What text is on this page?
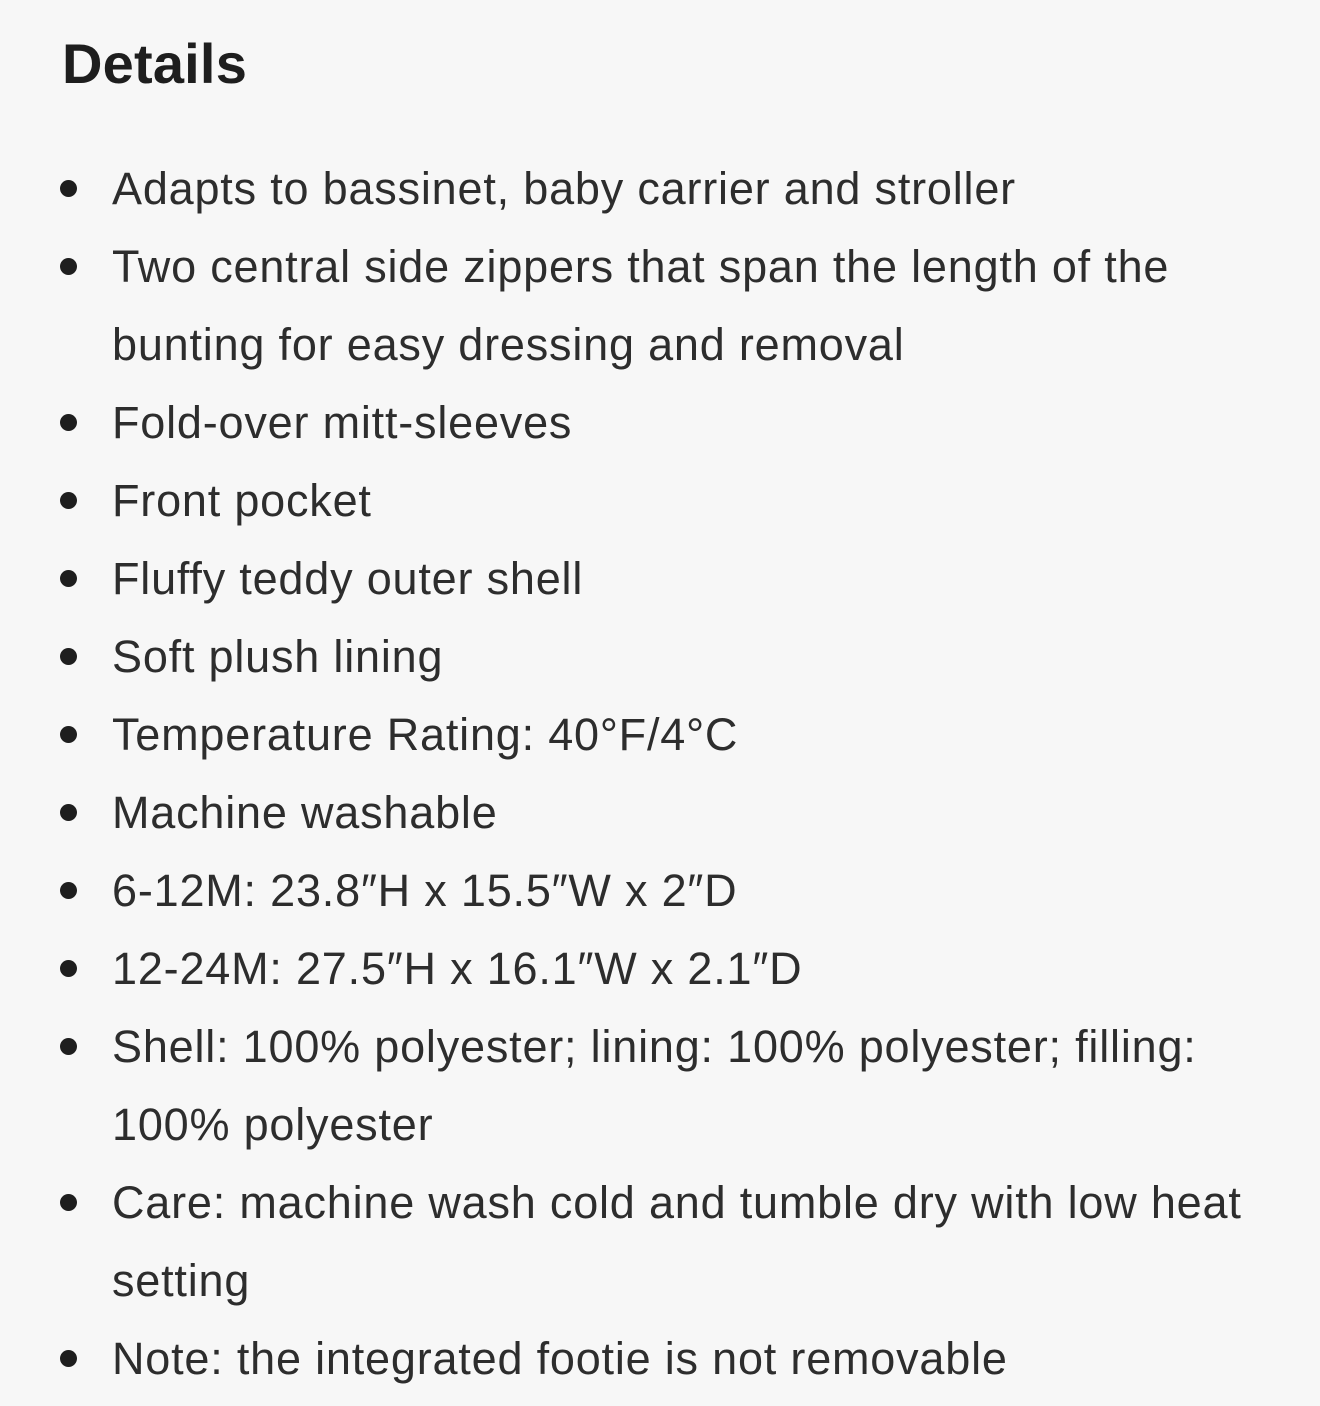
Details
Adapts to bassinet, baby carrier and stroller
Two central side zippers that span the length of the bunting for easy dressing and removal
Fold-over mitt-sleeves
Front pocket
Fluffy teddy outer shell
Soft plush lining
Temperature Rating: 40°F/4°C
Machine washable
6-12M: 23.8″H x 15.5″W x 2″D
12-24M: 27.5″H x 16.1″W x 2.1″D
Shell: 100% polyester; lining: 100% polyester; filling: 100% polyester
Care: machine wash cold and tumble dry with low heat setting
Note: the integrated footie is not removable
